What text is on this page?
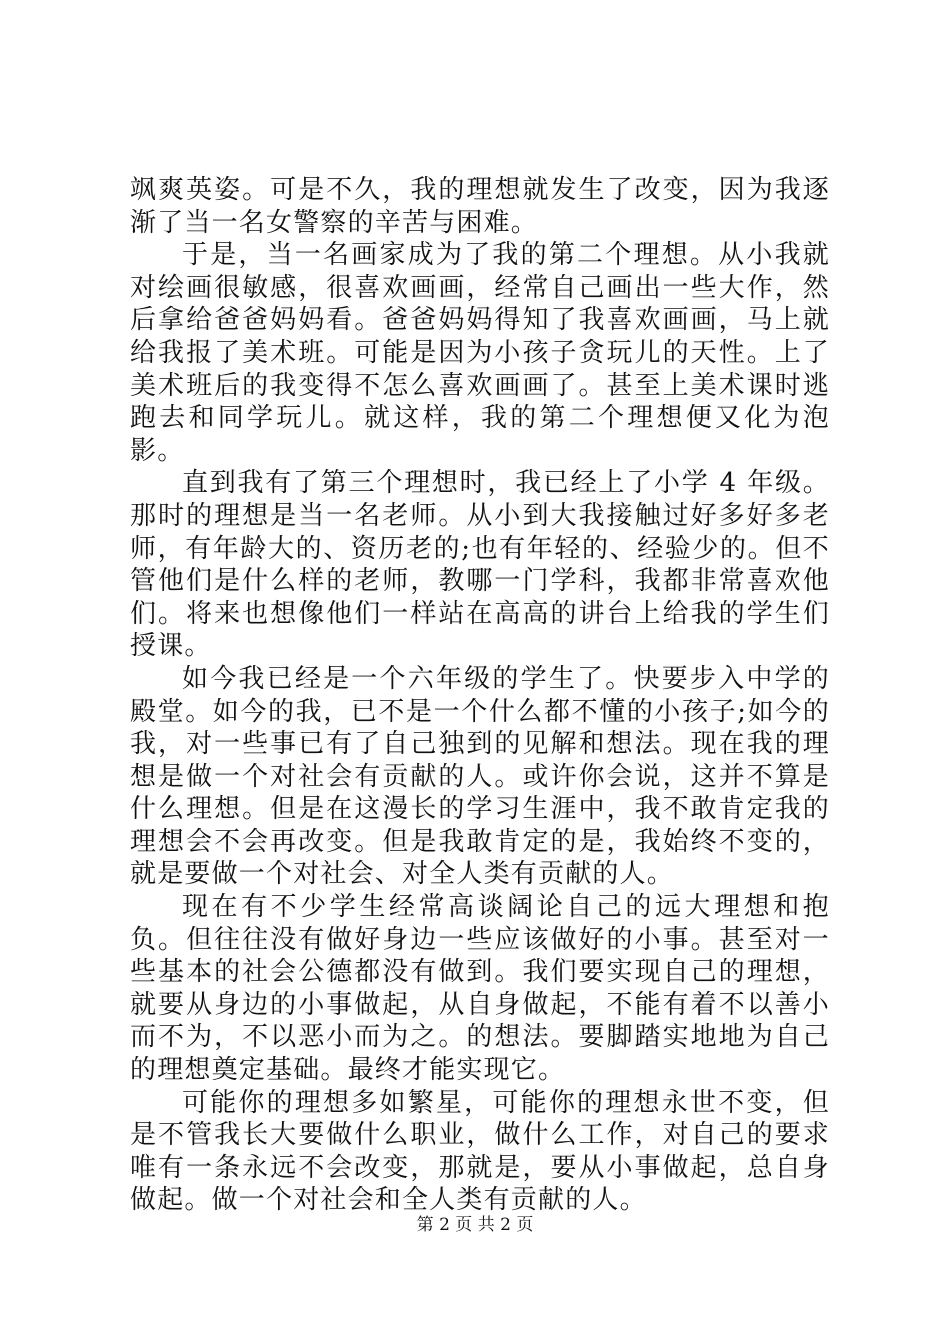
飒爽英姿。可是不久，我的理想就发生了改变，因为我逐渐了当一名女警察的辛苦与困难。

于是，当一名画家成为了我的第二个理想。从小我就对绘画很敏感，很喜欢画画，经常自己画出一些大作，然后拿给爸爸妈妈看。爸爸妈妈得知了我喜欢画画，马上就给我报了美术班。可能是因为小孩子贪玩儿的天性。上了美术班后的我变得不怎么喜欢画画了。甚至上美术课时逃跑去和同学玩儿。就这样，我的第二个理想便又化为泡影。

直到我有了第三个理想时，我已经上了小学 4 年级。那时的理想是当一名老师。从小到大我接触过好多好多老师，有年龄大的、资历老的;也有年轻的、经验少的。但不管他们是什么样的老师，教哪一门学科，我都非常喜欢他们。将来也想像他们一样站在高高的讲台上给我的学生们授课。

如今我已经是一个六年级的学生了。快要步入中学的殿堂。如今的我，已不是一个什么都不懂的小孩子;如今的我，对一些事已有了自己独到的见解和想法。现在我的理想是做一个对社会有贡献的人。或许你会说，这并不算是什么理想。但是在这漫长的学习生涯中，我不敢肯定我的理想会不会再改变。但是我敢肯定的是，我始终不变的，就是要做一个对社会、对全人类有贡献的人。

现在有不少学生经常高谈阔论自己的远大理想和抱负。但往往没有做好身边一些应该做好的小事。甚至对一些基本的社会公德都没有做到。我们要实现自己的理想，就要从身边的小事做起，从自身做起，不能有着不以善小而不为，不以恶小而为之。的想法。要脚踏实地地为自己的理想奠定基础。最终才能实现它。

可能你的理想多如繁星，可能你的理想永世不变，但是不管我长大要做什么职业，做什么工作，对自己的要求唯有一条永远不会改变，那就是，要从小事做起，总自身做起。做一个对社会和全人类有贡献的人。

第 2 页 共 2 页
